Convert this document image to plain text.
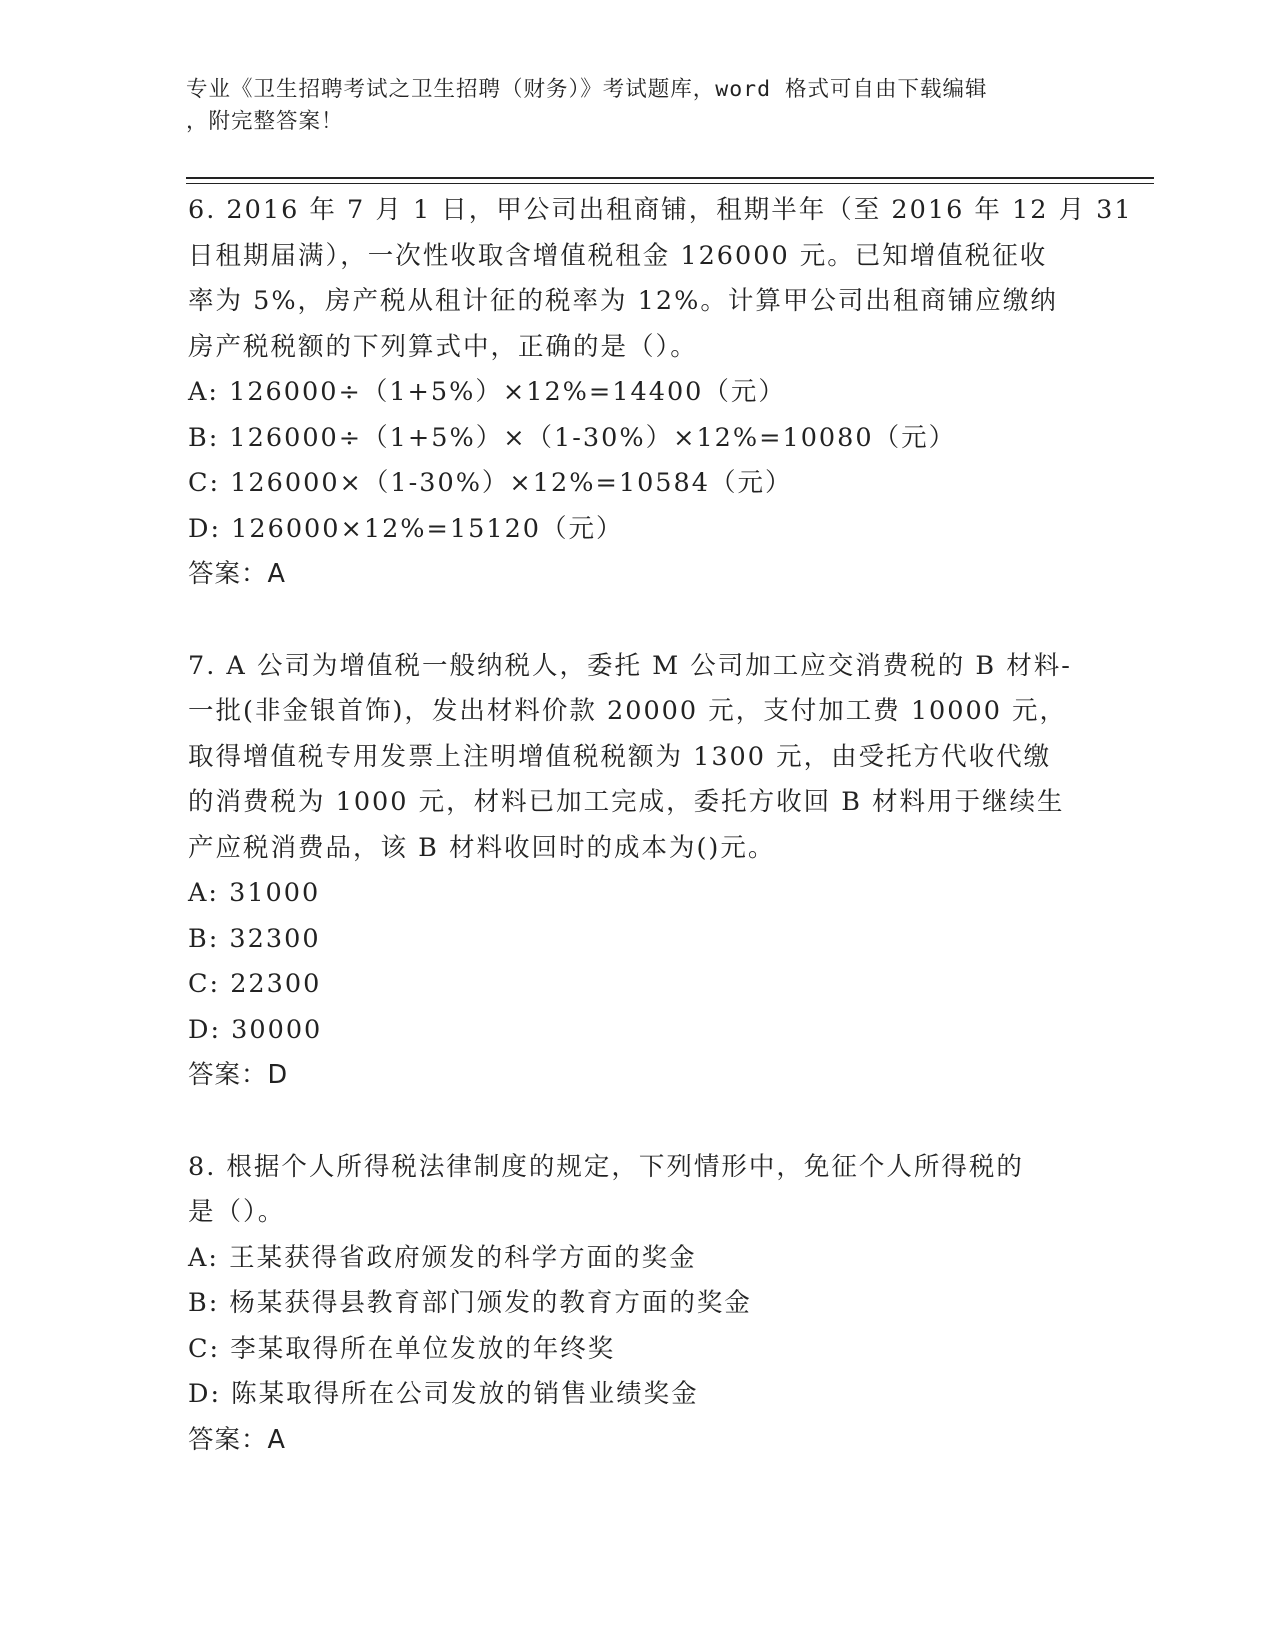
专业《卫生招聘考试之卫生招聘（财务）》考试题库，word 格式可自由下载编辑
，附完整答案！
6. 2016 年 7 月 1 日，甲公司出租商铺，租期半年（至 2016 年 12 月 31
日租期届满），一次性收取含增值税租金 126000 元。已知增值税征收
率为 5%，房产税从租计征的税率为 12%。计算甲公司出租商铺应缴纳
房产税税额的下列算式中，正确的是（）。
A: 126000÷（1+5%）×12%=14400（元）
B: 126000÷（1+5%）×（1-30%）×12%=10080（元）
C: 126000×（1-30%）×12%=10584（元）
D: 126000×12%=15120（元）
答案：A
7. A 公司为增值税一般纳税人，委托 M 公司加工应交消费税的 B 材料-
一批(非金银首饰)，发出材料价款 20000 元，支付加工费 10000 元，
取得增值税专用发票上注明增值税税额为 1300 元，由受托方代收代缴
的消费税为 1000 元，材料已加工完成，委托方收回 B 材料用于继续生
产应税消费品，该 B 材料收回时的成本为()元。
A: 31000
B: 32300
C: 22300
D: 30000
答案：D
8. 根据个人所得税法律制度的规定，下列情形中，免征个人所得税的
是（）。
A: 王某获得省政府颁发的科学方面的奖金
B: 杨某获得县教育部门颁发的教育方面的奖金
C: 李某取得所在单位发放的年终奖
D: 陈某取得所在公司发放的销售业绩奖金
答案：A
